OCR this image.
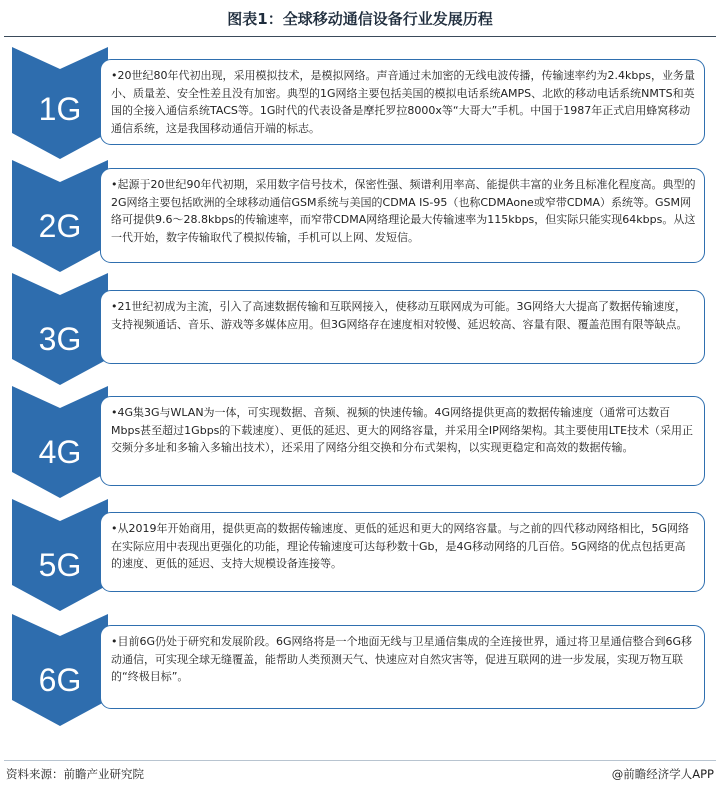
图表1：全球移动通信设备行业发展历程
1G
•20世纪80年代初出现，采用模拟技术，是模拟网络。声音通过未加密的无线电波传播，传输速率约为2.4kbps，业务量小、质量差、安全性差且没有加密。典型的1G网络主要包括美国的模拟电话系统AMPS、北欧的移动电话系统NMTS和英国的全接入通信系统TACS等。1G时代的代表设备是摩托罗拉8000x等“大哥大”手机。中国于1987年正式启用蜂窝移动通信系统，这是我国移动通信开端的标志。
2G
•起源于20世纪90年代初期，采用数字信号技术，保密性强、频谱利用率高、能提供丰富的业务且标准化程度高。典型的2G网络主要包括欧洲的全球移动通信GSM系统与美国的CDMA IS-95（也称CDMAone或窄带CDMA）系统等。GSM网络可提供9.6～28.8kbps的传输速率，而窄带CDMA网络理论最大传输速率为115kbps，但实际只能实现64kbps。从这一代开始，数字传输取代了模拟传输，手机可以上网、发短信。
3G
•21世纪初成为主流，引入了高速数据传输和互联网接入，使移动互联网成为可能。3G网络大大提高了数据传输速度，支持视频通话、音乐、游戏等多媒体应用。但3G网络存在速度相对较慢、延迟较高、容量有限、覆盖范围有限等缺点。
4G
•4G集3G与WLAN为一体，可实现数据、音频、视频的快速传输。4G网络提供更高的数据传输速度（通常可达数百Mbps甚至超过1Gbps的下载速度）、更低的延迟、更大的网络容量，并采用全IP网络架构。其主要使用LTE技术（采用正交频分多址和多输入多输出技术），还采用了网络分组交换和分布式架构，以实现更稳定和高效的数据传输。
5G
•从2019年开始商用，提供更高的数据传输速度、更低的延迟和更大的网络容量。与之前的四代移动网络相比，5G网络在实际应用中表现出更强化的功能，理论传输速度可达每秒数十Gb，是4G移动网络的几百倍。5G网络的优点包括更高的速度、更低的延迟、支持大规模设备连接等。
6G
•目前6G仍处于研究和发展阶段。6G网络将是一个地面无线与卫星通信集成的全连接世界，通过将卫星通信整合到6G移动通信，可实现全球无缝覆盖，能帮助人类预测天气、快速应对自然灾害等，促进互联网的进一步发展，实现万物互联的“终极目标”。
资料来源：前瞻产业研究院	@前瞻经济学人APP
